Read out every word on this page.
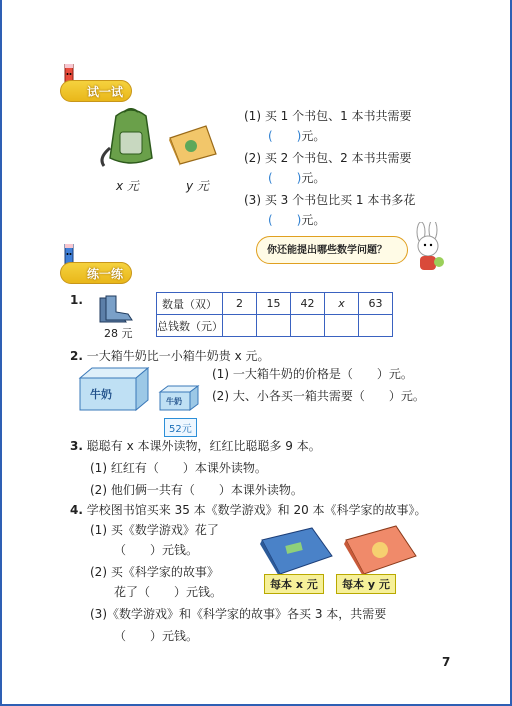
试一试
x 元	y 元
(1) 买 1 个书包、1 本书共需要
(　　)元。
(2) 买 2 个书包、2 本书共需要
(　　)元。
(3) 买 3 个书包比买 1 本书多花
(　　)元。
你还能提出哪些数学问题？
练一练
1.
28 元
数量（双）	2	15	42	x	63
总钱数（元）					
2. 一大箱牛奶比一小箱牛奶贵 x 元。
牛奶
牛奶
52元
(1) 一大箱牛奶的价格是（　　）元。
(2) 大、小各买一箱共需要（　　）元。
3. 聪聪有 x 本课外读物，红红比聪聪多 9 本。
(1) 红红有（　　）本课外读物。
(2) 他们俩一共有（　　）本课外读物。
4. 学校图书馆买来 35 本《数学游戏》和 20 本《科学家的故事》。
(1) 买《数学游戏》花了
（　　）元钱。
(2) 买《科学家的故事》
花了（　　）元钱。
(3)《数学游戏》和《科学家的故事》各买 3 本，共需要
（　　）元钱。
每本 x 元	每本 y 元
7
